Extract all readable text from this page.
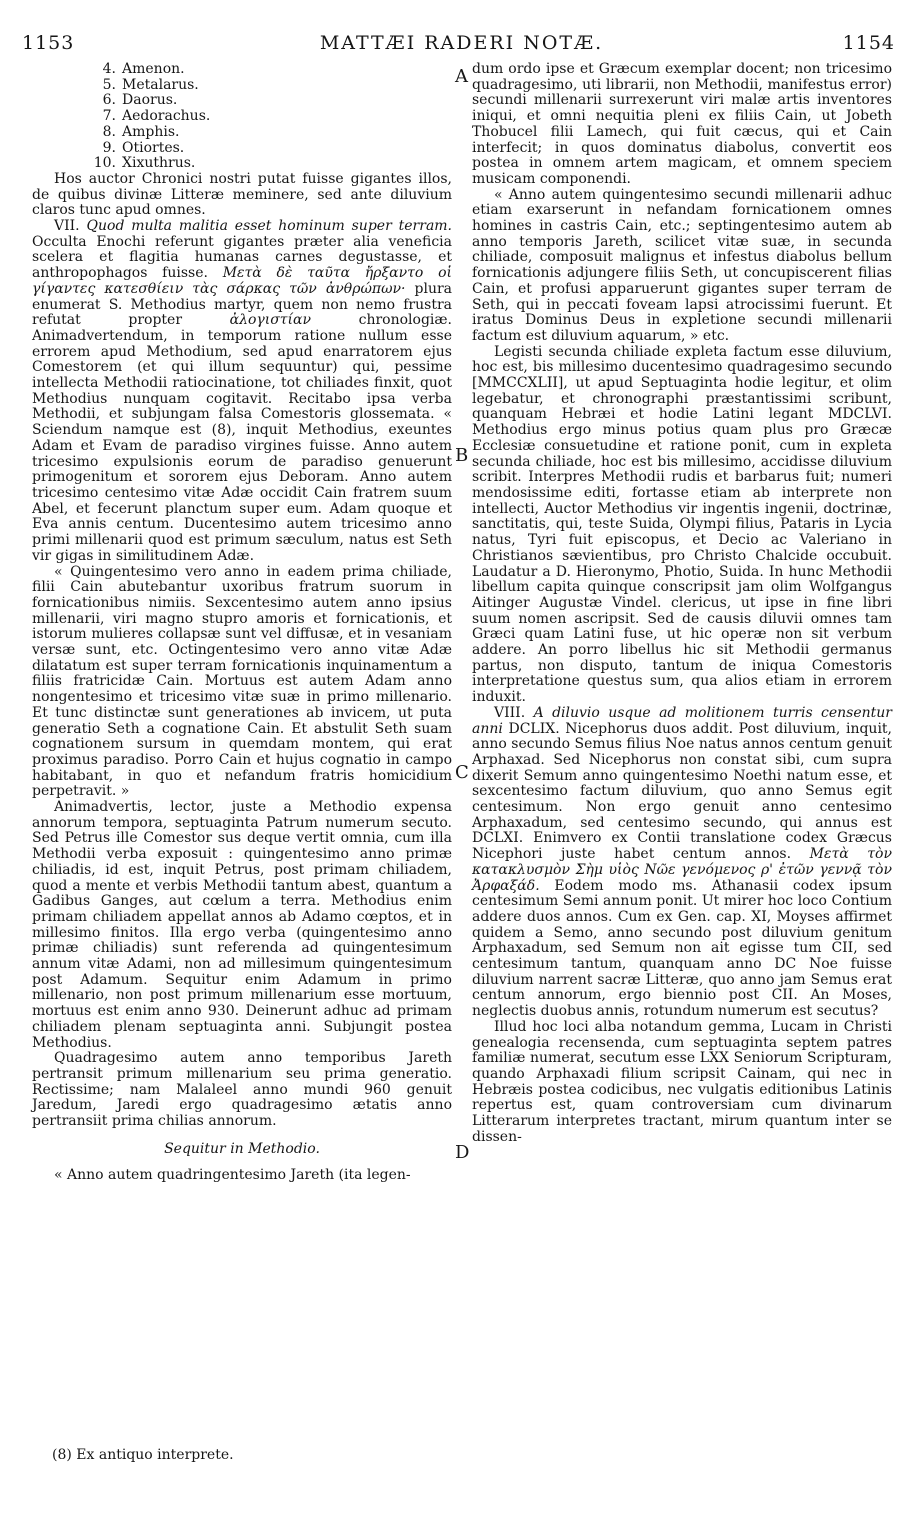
1153	MATTÆI RADERI NOTÆ.	1154
A
B
C
D
4. Amenon.
5. Metalarus.
6. Daorus.
7. Aedorachus.
8. Amphis.
9. Otiortes.
10. Xixuthrus.

Hos auctor Chronici nostri putat fuisse gigantes illos, de quibus divinæ Litteræ meminere, sed ante diluvium claros tunc apud omnes.

VII. Quod multa malitia esset hominum super terram. Occulta Enochi referunt gigantes præter alia veneficia scelera et flagitia humanas carnes degustasse, et anthropophagos fuisse. Μετὰ δὲ ταῦτα ἤρξαντο οἱ γίγαντες κατεσθίειν τὰς σάρκας τῶν ἀνθρώπων· plura enumerat S. Methodius martyr, quem non nemo frustra refutat propter	ἀλογιστίαν	chronologiæ. Animadvertendum, in temporum ratione nullum esse errorem apud Methodium, sed apud enarratorem ejus Comestorem (et qui illum sequuntur) qui, pessime intellecta Methodii ratiocinatione, tot chiliades finxit, quot Methodius nunquam cogitavit. Recitabo ipsa verba Methodii, et subjungam falsa Comestoris glossemata. « Sciendum namque est (8), inquit Methodius, exeuntes Adam et Evam de paradiso virgines fuisse. Anno autem tricesimo expulsionis eorum de paradiso genuerunt primogenitum et sororem ejus Deboram. Anno autem tricesimo centesimo vitæ Adæ occidit Cain fratrem suum Abel, et fecerunt planctum super eum. Adam quoque et Eva annis centum. Ducentesimo autem tricesimo anno primi millenarii quod est primum sæculum, natus est Seth vir gigas in similitudinem Adæ.

« Quingentesimo vero anno in eadem prima chiliade, filii Cain abutebantur uxoribus fratrum suorum in fornicationibus nimiis. Sexcentesimo autem anno ipsius millenarii, viri magno stupro amoris et fornicationis, et istorum mulieres collapsæ sunt vel diffusæ, et in vesaniam versæ sunt, etc. Octingentesimo vero anno vitæ Adæ dilatatum est super terram fornicationis inquinamentum a filiis fratricidæ Cain. Mortuus est autem Adam anno nongentesimo et tricesimo vitæ suæ in primo millenario. Et tunc distinctæ sunt generationes ab invicem, ut puta generatio Seth a cognatione Cain. Et abstulit Seth suam cognationem sursum in quemdam montem, qui erat proximus paradiso. Porro Cain et hujus cognatio in campo habitabant, in quo et nefandum fratris homicidium perpetravit. »

Animadvertis, lector, juste a Methodio expensa annorum tempora, septuaginta Patrum numerum secuto. Sed Petrus ille Comestor sus deque vertit omnia, cum illa Methodii verba exposuit : quingentesimo anno primæ chiliadis, id est, inquit Petrus, post primam chiliadem, quod a mente et verbis Methodii tantum abest, quantum a Gadibus Ganges, aut cœlum a terra. Methodius enim primam chiliadem appellat annos ab Adamo cœptos, et in millesimo finitos. Illa ergo verba (quingentesimo anno primæ chiliadis) sunt referenda ad quingentesimum annum vitæ Adami, non ad millesimum quingentesimum post Adamum. Sequitur enim Adamum in primo millenario, non post primum millenarium esse mortuum, mortuus est enim anno 930. Deinerunt adhuc ad primam chiliadem plenam septuaginta anni. Subjungit postea Methodius.

Quadragesimo autem anno temporibus Jareth pertransit primum millenarium seu prima generatio. Rectissime; nam Malaleel anno mundi 960 genuit Jaredum, Jaredi ergo quadragesimo ætatis anno pertransiit prima chilias annorum.

Sequitur in Methodio.

« Anno autem quadringentesimo Jareth (ita legen-

dum ordo ipse et Græcum exemplar docent; non tricesimo quadragesimo, uti librarii, non Methodii, manifestus error) secundi millenarii surrexerunt viri malæ artis inventores iniqui, et omni nequitia pleni ex filiis Cain, ut Jobeth Thobucel filii Lamech, qui fuit cæcus, qui et Cain interfecit; in quos dominatus diabolus, convertit eos postea in omnem artem magicam, et omnem speciem musicam componendi.

« Anno autem quingentesimo secundi millenarii adhuc etiam exarserunt in nefandam fornicationem omnes homines in castris Cain, etc.; septingentesimo autem ab anno temporis Jareth, scilicet vitæ suæ, in secunda chiliade, composuit malignus et infestus diabolus bellum fornicationis adjungere filiis Seth, ut concupiscerent filias Cain, et profusi apparuerunt gigantes super terram de Seth, qui in peccati foveam lapsi atrocissimi fuerunt. Et iratus Dominus Deus in expletione secundi millenarii factum est diluvium aquarum, » etc.

Legisti secunda chiliade expleta factum esse diluvium, hoc est, bis millesimo ducentesimo quadragesimo secundo [MMCCXLII], ut apud Septuaginta hodie legitur, et olim legebatur, et chronographi præstantissimi scribunt, quanquam Hebræi et hodie Latini legant MDCLVI. Methodius ergo minus potius quam plus pro Græcæ Ecclesiæ consuetudine et ratione ponit, cum in expleta secunda chiliade, hoc est bis millesimo, accidisse diluvium scribit. Interpres Methodii rudis et barbarus fuit; numeri mendosissime editi, fortasse etiam ab interprete non intellecti, Auctor Methodius vir ingentis ingenii, doctrinæ, sanctitatis, qui, teste Suida, Olympi filius, Pataris in Lycia natus, Tyri fuit episcopus, et Decio ac Valeriano in Christianos sævientibus, pro Christo Chalcide occubuit. Laudatur a D. Hieronymo, Photio, Suida. In hunc Methodii libellum capita quinque conscripsit jam olim Wolfgangus Aitinger Augustæ Vindel. clericus, ut ipse in fine libri suum nomen ascripsit. Sed de causis diluvii omnes tam Græci quam Latini fuse, ut hic operæ non sit verbum addere. An porro libellus hic sit Methodii germanus partus, non disputo, tantum de iniqua Comestoris interpretatione questus sum, qua alios etiam in errorem induxit.

VIII. A diluvio usque ad molitionem turris censentur anni DCLIX. Nicephorus duos addit. Post diluvium, inquit, anno secundo Semus filius Noe natus annos centum genuit Arphaxad. Sed Nicephorus non constat sibi, cum supra dixerit Semum anno quingentesimo Noethi natum esse, et sexcentesimo factum diluvium, quo anno Semus egit centesimum. Non ergo genuit anno centesimo Arphaxadum, sed centesimo secundo, qui annus est DCLXI. Enimvero ex Contii translatione codex Græcus Nicephori juste habet centum annos. Μετὰ τὸν κατακλυσμὸν Σὴμ υἱὸς Νῶε γενόμενος ρ' ἐτῶν γεννᾷ τὸν Ἀρφαξάδ. Eodem modo ms. Athanasii codex ipsum centesimum Semi annum ponit. Ut mirer hoc loco Contium addere duos annos. Cum ex Gen. cap. XI, Moyses affirmet quidem a Semo, anno secundo post diluvium genitum Arphaxadum, sed Semum non ait egisse tum CII, sed centesimum tantum, quanquam anno DC Noe fuisse diluvium narrent sacræ Litteræ, quo anno jam Semus erat centum annorum, ergo biennio post CII. An Moses, neglectis duobus annis, rotundum numerum est secutus?

Illud hoc loci alba notandum gemma, Lucam in Christi genealogia recensenda, cum septuaginta septem patres familiæ numerat, secutum esse LXX Seniorum Scripturam, quando Arphaxadi filium scripsit Cainam, qui nec in Hebræis postea codicibus, nec vulgatis editionibus Latinis repertus est, quam controversiam cum divinarum Litterarum interpretes tractant, mirum quantum inter se dissen-

(8) Ex antiquo interprete.
